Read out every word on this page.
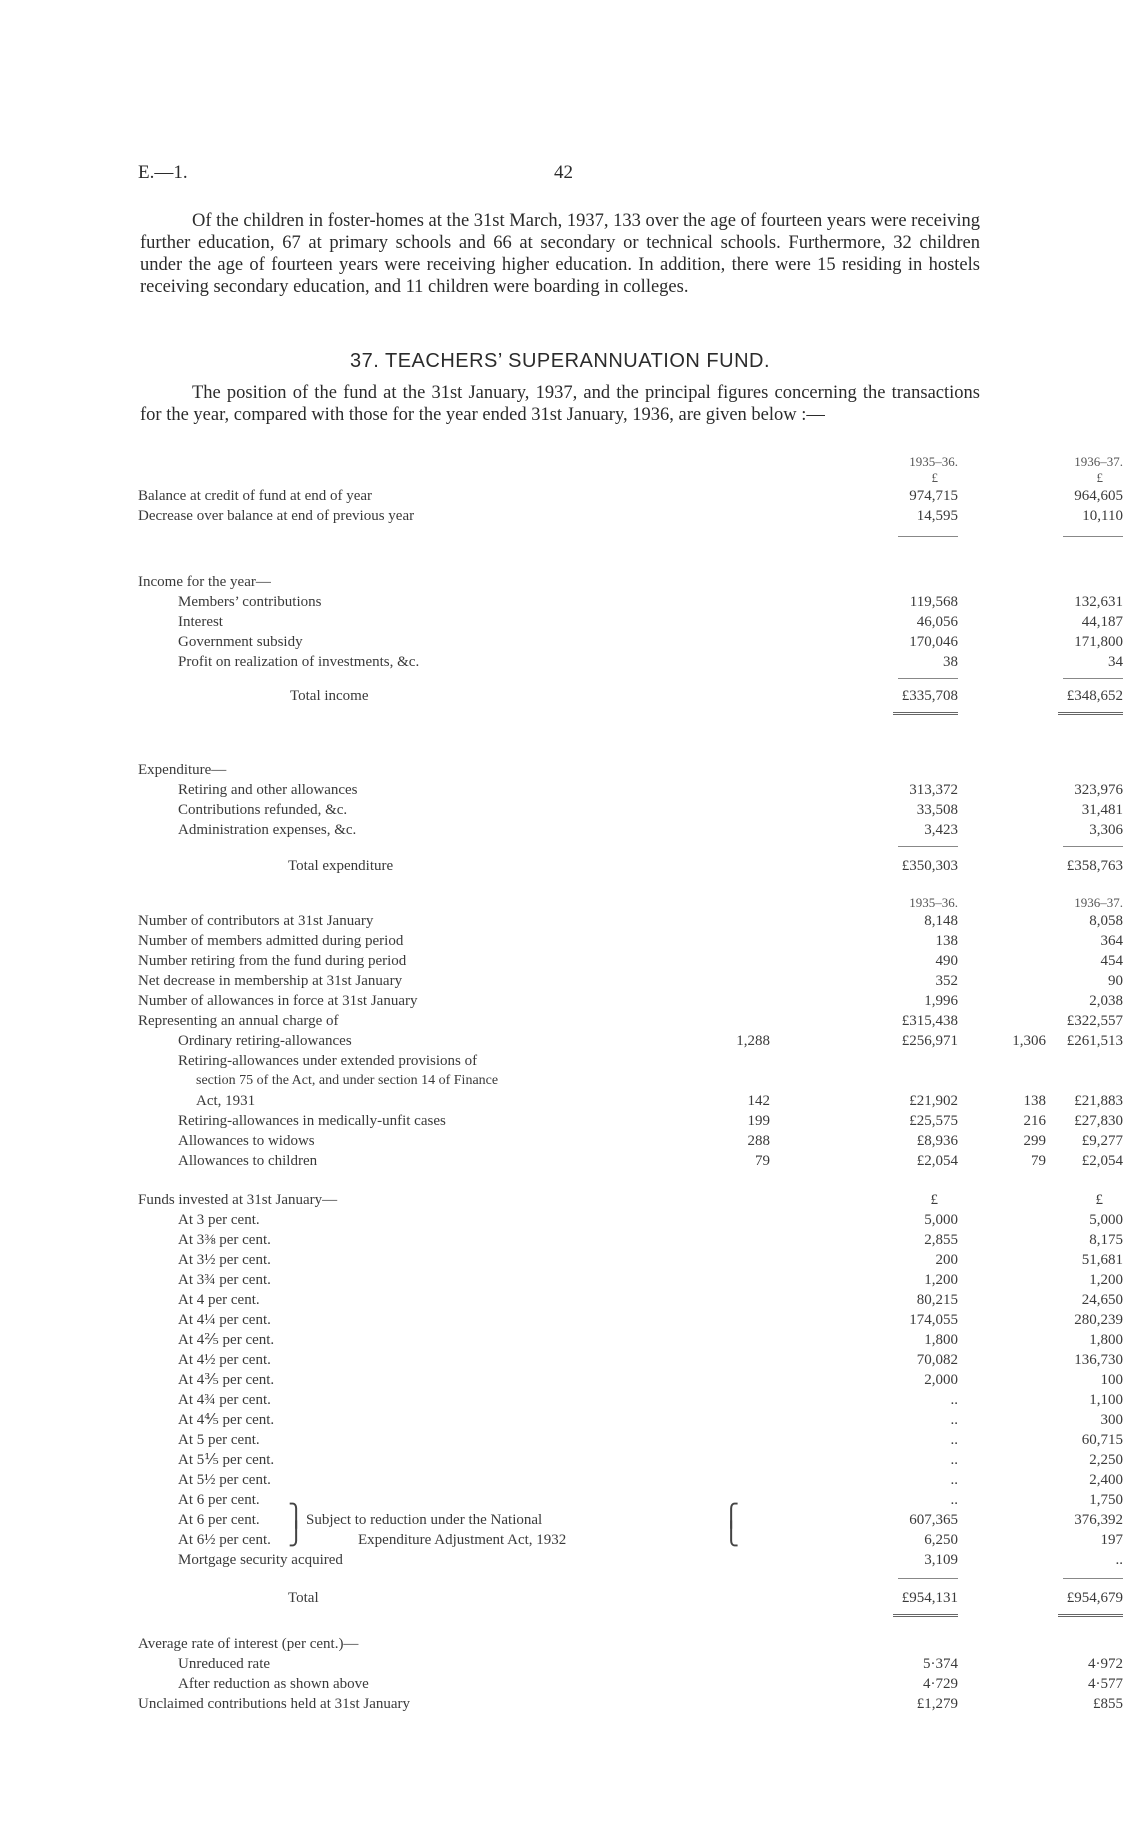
E.—1.	42

Of the children in foster-homes at the 31st March, 1937, 133 over the age of fourteen years were receiving further education, 67 at primary schools and 66 at secondary or technical schools. Furthermore, 32 children under the age of fourteen years were receiving higher education. In addition, there were 15 residing in hostels receiving secondary education, and 11 children were boarding in colleges.

37. TEACHERS’ SUPERANNUATION FUND.

The position of the fund at the 31st January, 1937, and the principal figures concerning the transactions for the year, compared with those for the year ended 31st January, 1936, are given below :—

1935–36.	1936–37.
£	£
Balance at credit of fund at end of year	974,715	964,605
Decrease over balance at end of previous year	14,595	10,110
Income for the year—
Members’ contributions	119,568	132,631
Interest	46,056	44,187
Government subsidy	170,046	171,800
Profit on realization of investments, &c.	38	34
Total income	£335,708	£348,652
Expenditure—
Retiring and other allowances	313,372	323,976
Contributions refunded, &c.	33,508	31,481
Administration expenses, &c.	3,423	3,306
Total expenditure	£350,303	£358,763
1935–36.	1936–37.
Number of contributors at 31st January	8,148	8,058
Number of members admitted during period	138	364
Number retiring from the fund during period	490	454
Net decrease in membership at 31st January	352	90
Number of allowances in force at 31st January	1,996	2,038
Representing an annual charge of	£315,438	£322,557
Ordinary retiring-allowances	1,288	£256,971	1,306	£261,513
Retiring-allowances under extended provisions of
section 75 of the Act, and under section 14 of Finance
Act, 1931	142	£21,902	138	£21,883
Retiring-allowances in medically-unfit cases	199	£25,575	216	£27,830
Allowances to widows	288	£8,936	299	£9,277
Allowances to children	79	£2,054	79	£2,054
Funds invested at 31st January—	£	£
At 3 per cent.	5,000	5,000
At 3⅜ per cent.	2,855	8,175
At 3½ per cent.	200	51,681
At 3¾ per cent.	1,200	1,200
At 4 per cent.	80,215	24,650
At 4¼ per cent.	174,055	280,239
At 4⅖ per cent.	1,800	1,800
At 4½ per cent.	70,082	136,730
At 4⅗ per cent.	2,000	100
At 4¾ per cent.	..	1,100
At 4⅘ per cent.	..	300
At 5 per cent.	..	60,715
At 5⅕ per cent.	..	2,250
At 5½ per cent.	..	2,400
At 6 per cent.	..	1,750
At 6 per cent. ⎫ Subject to reduction under the National	⎧	607,365	376,392
At 6½ per cent. ⎭	Expenditure Adjustment Act, 1932	⎩	6,250	197
Mortgage security acquired	3,109	..
Total	£954,131	£954,679
Average rate of interest (per cent.)—
Unreduced rate	5·374	4·972
After reduction as shown above	4·729	4·577
Unclaimed contributions held at 31st January	£1,279	£855
